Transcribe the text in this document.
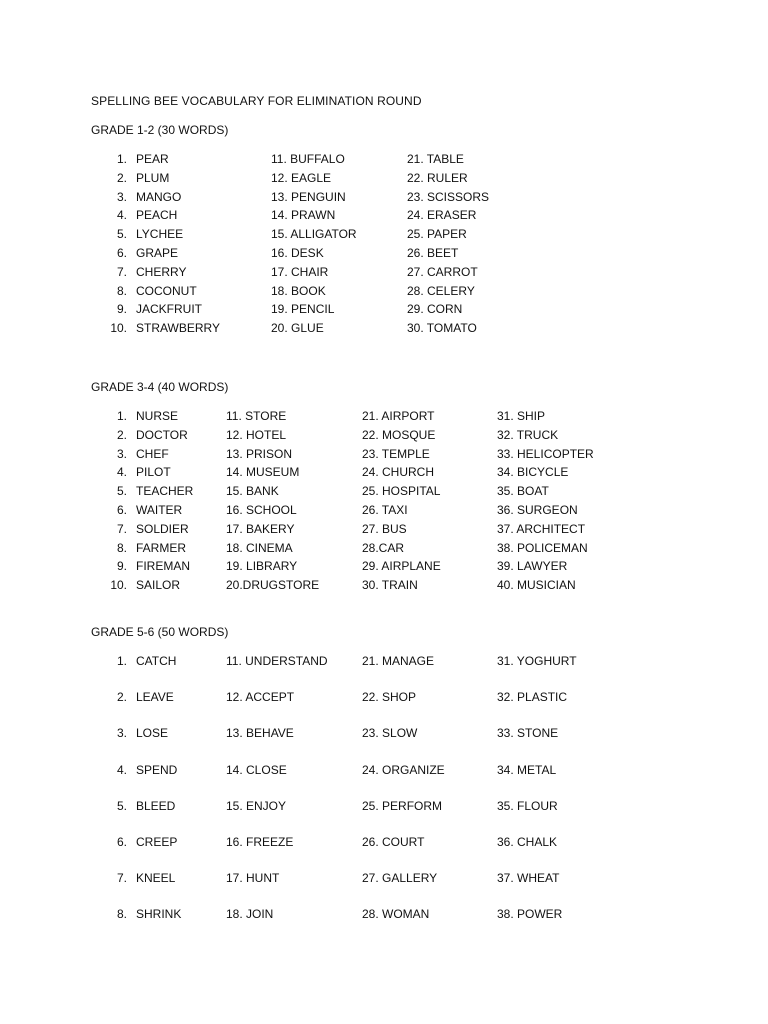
SPELLING BEE VOCABULARY FOR ELIMINATION ROUND
GRADE 1-2 (30 WORDS)
1. PEAR
2. PLUM
3. MANGO
4. PEACH
5. LYCHEE
6. GRAPE
7. CHERRY
8. COCONUT
9. JACKFRUIT
10. STRAWBERRY
11. BUFFALO
12. EAGLE
13. PENGUIN
14. PRAWN
15. ALLIGATOR
16. DESK
17. CHAIR
18. BOOK
19. PENCIL
20. GLUE
21. TABLE
22. RULER
23. SCISSORS
24. ERASER
25. PAPER
26. BEET
27. CARROT
28. CELERY
29. CORN
30. TOMATO
GRADE 3-4 (40 WORDS)
1. NURSE
2. DOCTOR
3. CHEF
4. PILOT
5. TEACHER
6. WAITER
7. SOLDIER
8. FARMER
9. FIREMAN
10. SAILOR
11. STORE
12. HOTEL
13. PRISON
14. MUSEUM
15. BANK
16. SCHOOL
17. BAKERY
18. CINEMA
19. LIBRARY
20.DRUGSTORE
21. AIRPORT
22. MOSQUE
23. TEMPLE
24. CHURCH
25. HOSPITAL
26. TAXI
27. BUS
28.CAR
29. AIRPLANE
30. TRAIN
31. SHIP
32. TRUCK
33. HELICOPTER
34. BICYCLE
35. BOAT
36. SURGEON
37. ARCHITECT
38. POLICEMAN
39. LAWYER
40. MUSICIAN
GRADE 5-6 (50 WORDS)
1. CATCH
2. LEAVE
3. LOSE
4. SPEND
5. BLEED
6. CREEP
7. KNEEL
8. SHRINK
11. UNDERSTAND
12. ACCEPT
13. BEHAVE
14. CLOSE
15. ENJOY
16. FREEZE
17. HUNT
18. JOIN
21. MANAGE
22. SHOP
23. SLOW
24. ORGANIZE
25. PERFORM
26. COURT
27. GALLERY
28. WOMAN
31. YOGHURT
32. PLASTIC
33. STONE
34. METAL
35. FLOUR
36. CHALK
37. WHEAT
38. POWER
